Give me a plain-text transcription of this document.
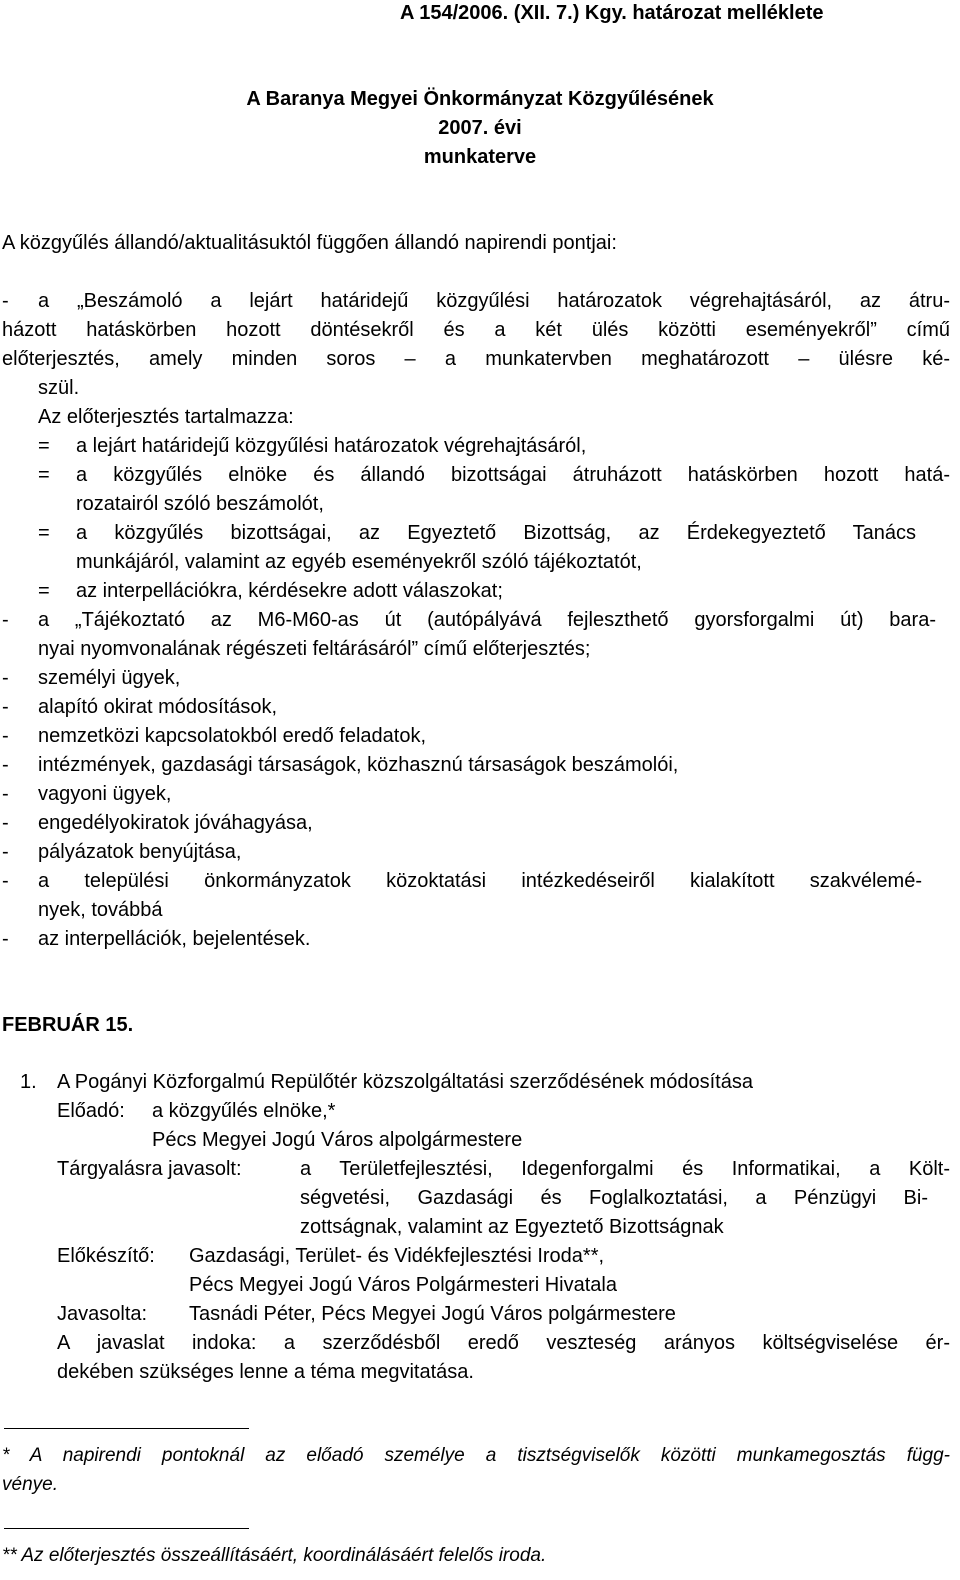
A 154/2006. (XII. 7.) Kgy. határozat melléklete
A Baranya Megyei Önkormányzat Közgyűlésének
2007. évi
munkaterve
A közgyűlés állandó/aktualitásuktól függően állandó napirendi pontjai:
- a „Beszámoló a lejárt határidejű közgyűlési határozatok végrehajtásáról, az átru-
házott hatáskörben hozott döntésekről és a két ülés közötti eseményekről” című
előterjesztés, amely minden soros – a munkatervben meghatározott – ülésre ké-
szül.
Az előterjesztés tartalmazza:
= a lejárt határidejű közgyűlési határozatok végrehajtásáról,
= a közgyűlés elnöke és állandó bizottságai átruházott hatáskörben hozott hatá-
rozatairól szóló beszámolót,
= a közgyűlés bizottságai, az Egyeztető Bizottság, az Érdekegyeztető Tanács
munkájáról, valamint az egyéb eseményekről szóló tájékoztatót,
= az interpellációkra, kérdésekre adott válaszokat;
- a „Tájékoztató az M6-M60-as út (autópályává fejleszthető gyorsforgalmi út) bara-
nyai nyomvonalának régészeti feltárásáról” című előterjesztés;
- személyi ügyek,
- alapító okirat módosítások,
- nemzetközi kapcsolatokból eredő feladatok,
- intézmények, gazdasági társaságok, közhasznú társaságok beszámolói,
- vagyoni ügyek,
- engedélyokiratok jóváhagyása,
- pályázatok benyújtása,
- a települési önkormányzatok közoktatási intézkedéseiről kialakított szakvélemé-
nyek, továbbá
- az interpellációk, bejelentések.
FEBRUÁR 15.
1. A Pogányi Közforgalmú Repülőtér közszolgáltatási szerződésének módosítása
Előadó: a közgyűlés elnöke,*
Pécs Megyei Jogú Város alpolgármestere
Tárgyalásra javasolt:	a Területfejlesztési, Idegenforgalmi és Informatikai, a Költ-
ségvetési, Gazdasági és Foglalkoztatási, a Pénzügyi Bi-
zottságnak, valamint az Egyeztető Bizottságnak
Előkészítő: Gazdasági, Terület- és Vidékfejlesztési Iroda**,
Pécs Megyei Jogú Város Polgármesteri Hivatala
Javasolta: Tasnádi Péter, Pécs Megyei Jogú Város polgármestere
A javaslat indoka: a szerződésből eredő veszteség arányos költségviselése ér-
dekében szükséges lenne a téma megvitatása.
* A napirendi pontoknál az előadó személye a tisztségviselők közötti munkamegosztás függ-
vénye.
** Az előterjesztés összeállításáért, koordinálásáért felelős iroda.
